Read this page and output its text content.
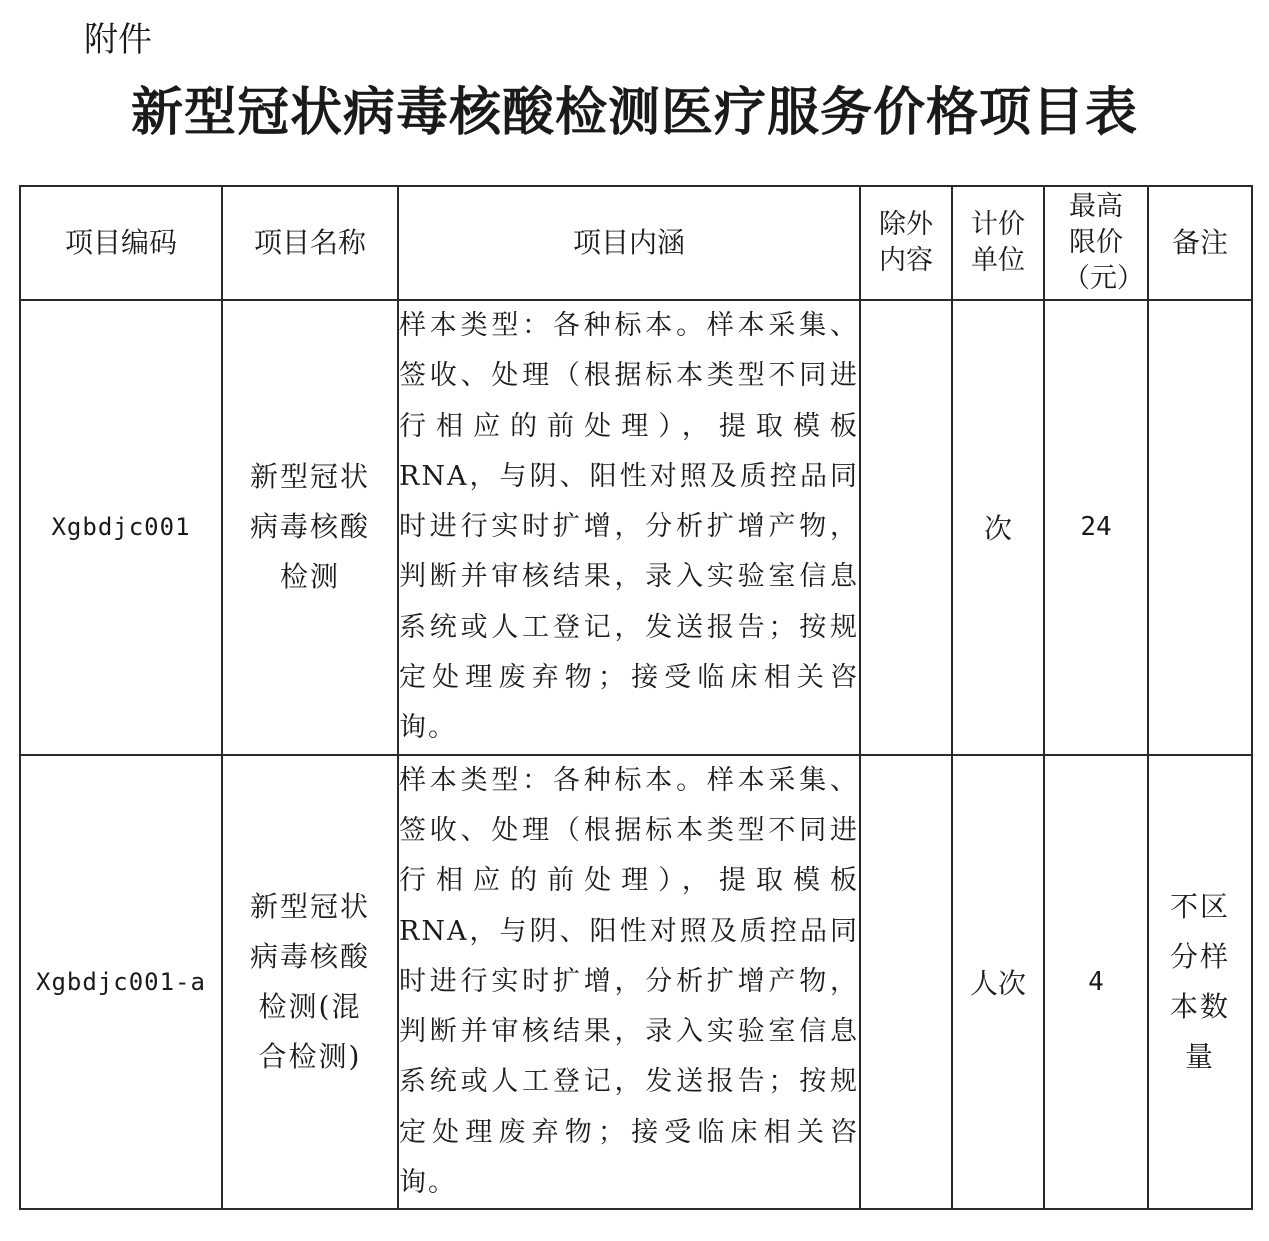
附件
新型冠状病毒核酸检测医疗服务价格项目表
项目编码	项目名称	项目内涵	除外内容	计价单位	最高限价（元）	备注
Xgbdjc001	新型冠状病毒核酸检测	样本类型：各种标本。样本采集、签收、处理（根据标本类型不同进行相应的前处理），提取模板RNA，与阴、阳性对照及质控品同时进行实时扩增，分析扩增产物，判断并审核结果，录入实验室信息系统或人工登记，发送报告；按规定处理废弃物；接受临床相关咨询。		次	24	
Xgbdjc001-a	新型冠状病毒核酸检测(混合检测)	样本类型：各种标本。样本采集、签收、处理（根据标本类型不同进行相应的前处理），提取模板RNA，与阴、阳性对照及质控品同时进行实时扩增，分析扩增产物，判断并审核结果，录入实验室信息系统或人工登记，发送报告；按规定处理废弃物；接受临床相关咨询。		人次	4	不区分样本数量
